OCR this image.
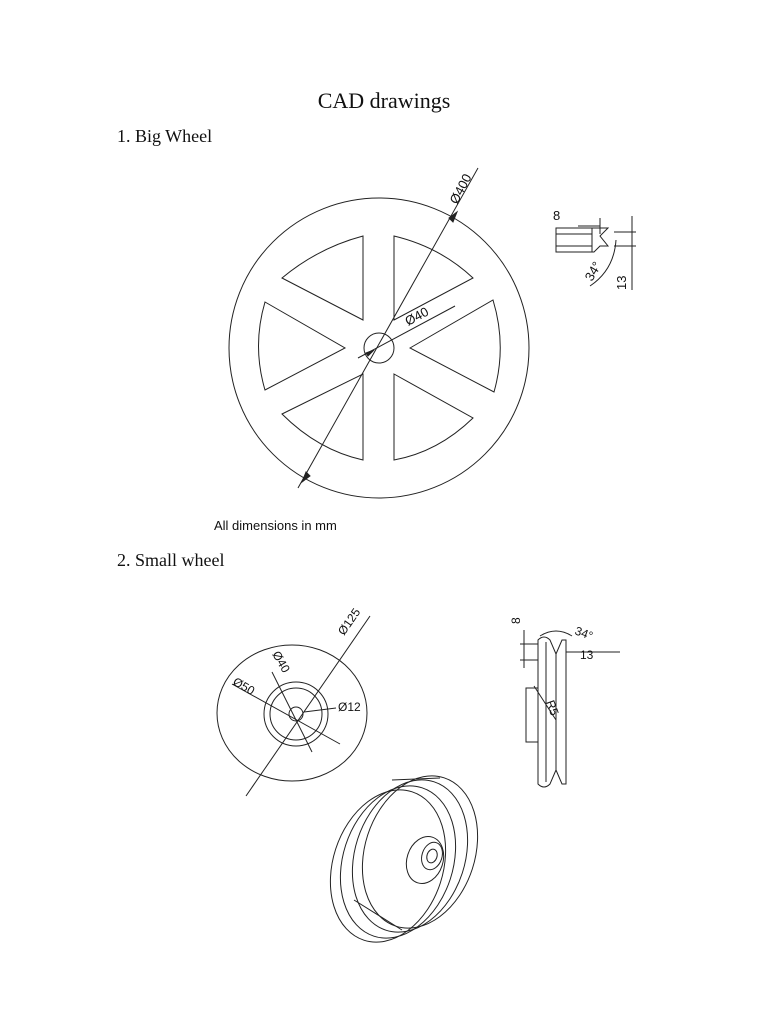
CAD drawings
1. Big Wheel
All dimensions in mm
2. Small wheel
Ø400
Ø40
8
13
34°
Ø125
Ø50
Ø40
Ø12
8
13
34°
R5
